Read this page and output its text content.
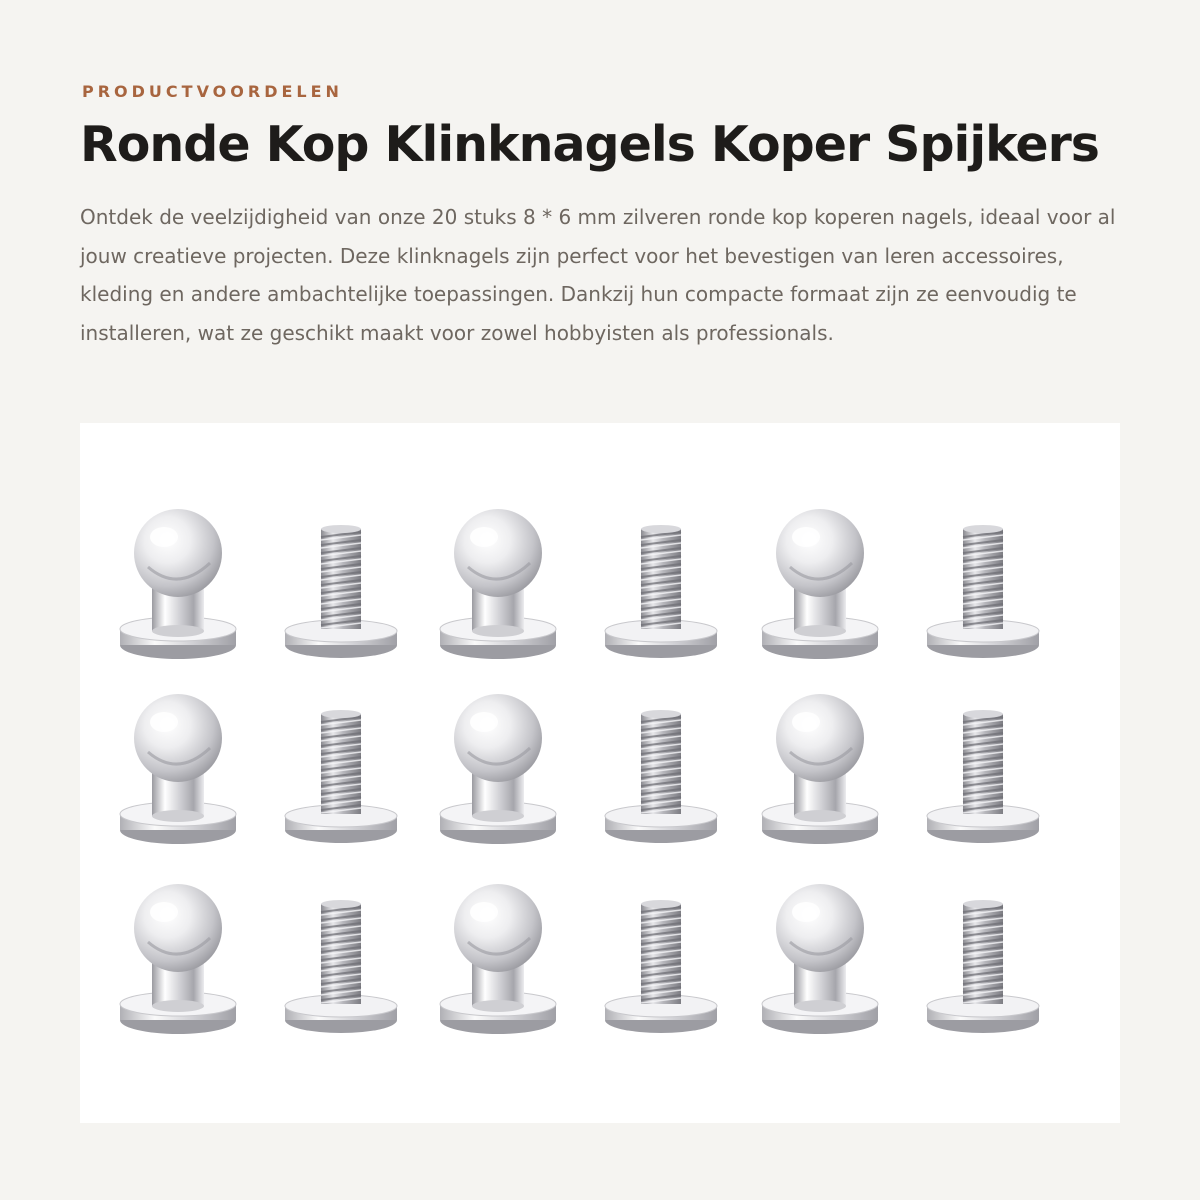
PRODUCTVOORDELEN

Ronde Kop Klinknagels Koper Spijkers

Ontdek de veelzijdigheid van onze 20 stuks 8 * 6 mm zilveren ronde kop koperen nagels, ideaal voor al jouw creatieve projecten. Deze klinknagels zijn perfect voor het bevestigen van leren accessoires, kleding en andere ambachtelijke toepassingen. Dankzij hun compacte formaat zijn ze eenvoudig te installeren, wat ze geschikt maakt voor zowel hobbyisten als professionals.
